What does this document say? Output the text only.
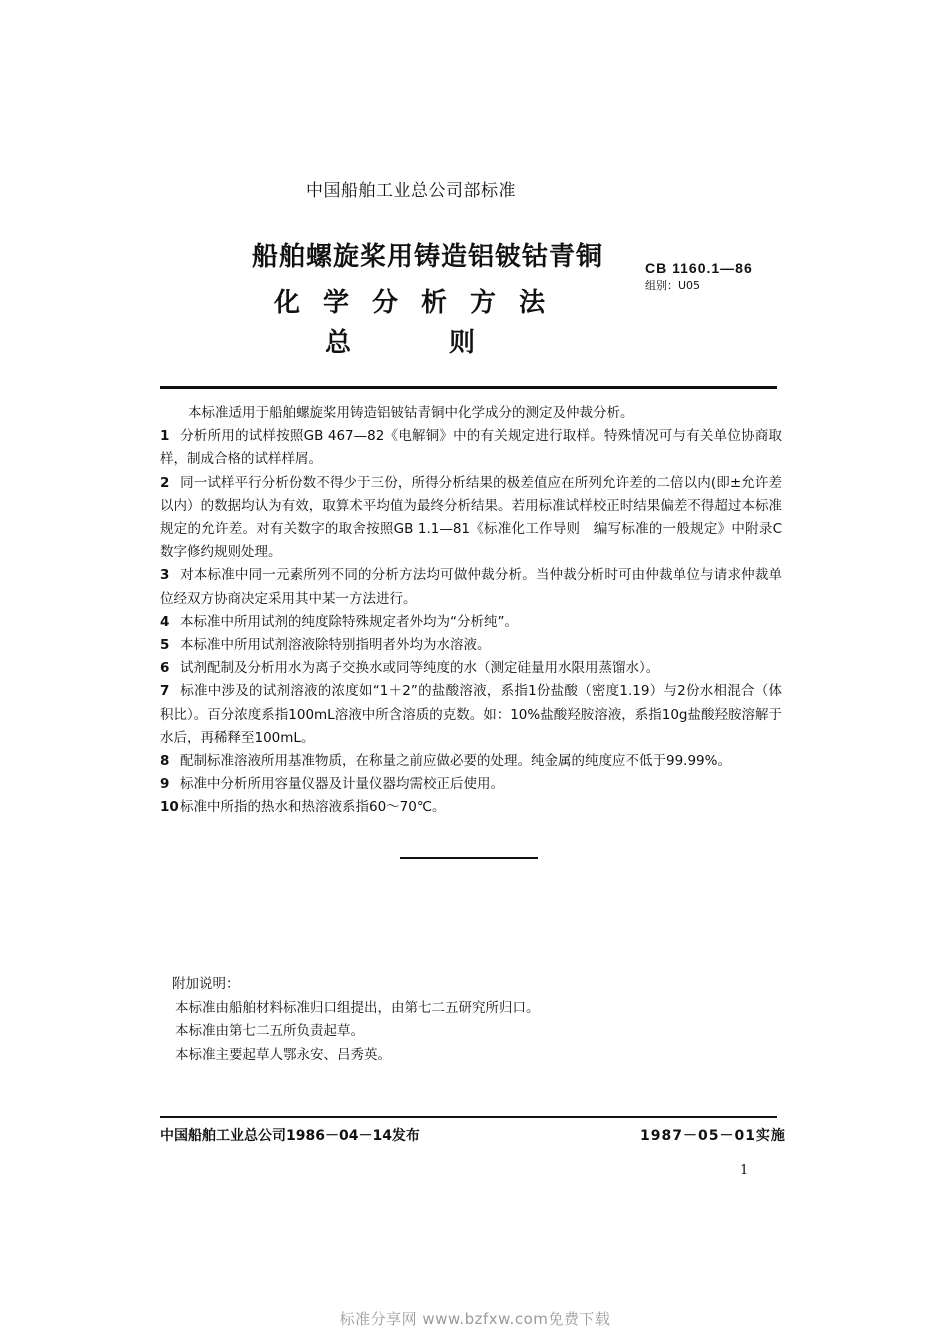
中国船舶工业总公司部标准
船舶螺旋桨用铸造铝铍钴青铜
化学分析方法
总则
CB 1160.1—86
组别：U05

本标准适用于船舶螺旋桨用铸造铝铍钴青铜中化学成分的测定及仲裁分析。

1 分析所用的试样按照GB 467—82《电解铜》中的有关规定进行取样。特殊情况可与有关单位协商取样，制成合格的试样样屑。

2 同一试样平行分析份数不得少于三份，所得分析结果的极差值应在所列允许差的二倍以内(即±允许差以内）的数据均认为有效，取算术平均值为最终分析结果。若用标准试样校正时结果偏差不得超过本标准规定的允许差。对有关数字的取舍按照GB 1.1—81《标准化工作导则　编写标准的一般规定》中附录C数字修约规则处理。

3 对本标准中同一元素所列不同的分析方法均可做仲裁分析。当仲裁分析时可由仲裁单位与请求仲裁单位经双方协商决定采用其中某一方法进行。

4 本标准中所用试剂的纯度除特殊规定者外均为“分析纯”。

5 本标准中所用试剂溶液除特别指明者外均为水溶液。

6 试剂配制及分析用水为离子交换水或同等纯度的水（测定硅量用水限用蒸馏水）。

7 标准中涉及的试剂溶液的浓度如“1＋2”的盐酸溶液，系指1份盐酸（密度1.19）与2份水相混合（体积比）。百分浓度系指100mL溶液中所含溶质的克数。如：10%盐酸羟胺溶液，系指10g盐酸羟胺溶解于水后，再稀释至100mL。

8 配制标准溶液所用基准物质，在称量之前应做必要的处理。纯金属的纯度应不低于99.99%。

9 标准中分析所用容量仪器及计量仪器均需校正后使用。

10标准中所指的热水和热溶液系指60～70℃。

附加说明：
本标准由船舶材料标准归口组提出，由第七二五研究所归口。
本标准由第七二五所负责起草。
本标准主要起草人鄂永安、吕秀英。
中国船舶工业总公司1986－04－14发布	1987－05－01实施
1
标准分享网 www.bzfxw.com免费下载
